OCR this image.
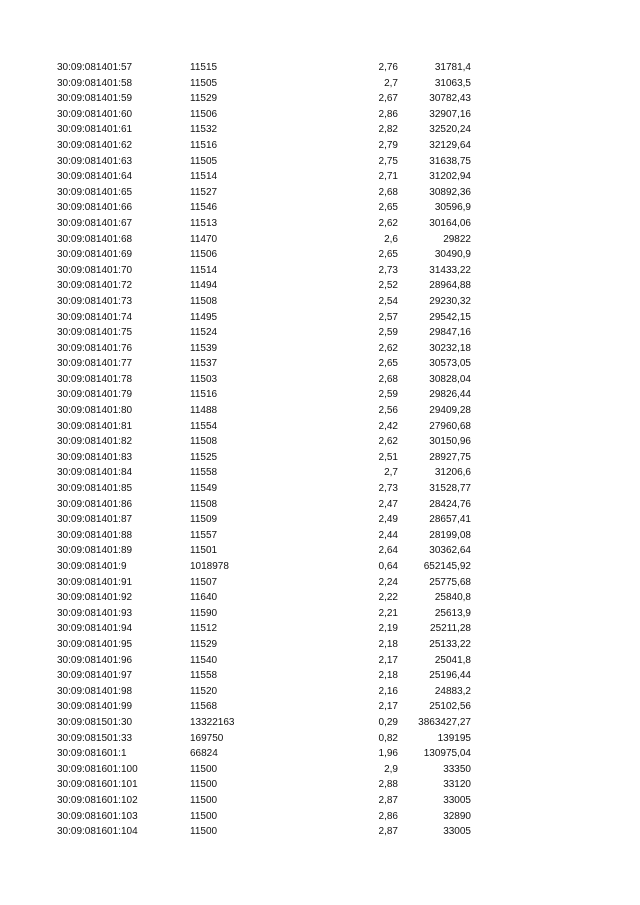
30:09:081401:57	11515	2,76	31781,4
30:09:081401:58	11505	2,7	31063,5
30:09:081401:59	11529	2,67	30782,43
30:09:081401:60	11506	2,86	32907,16
30:09:081401:61	11532	2,82	32520,24
30:09:081401:62	11516	2,79	32129,64
30:09:081401:63	11505	2,75	31638,75
30:09:081401:64	11514	2,71	31202,94
30:09:081401:65	11527	2,68	30892,36
30:09:081401:66	11546	2,65	30596,9
30:09:081401:67	11513	2,62	30164,06
30:09:081401:68	11470	2,6	29822
30:09:081401:69	11506	2,65	30490,9
30:09:081401:70	11514	2,73	31433,22
30:09:081401:72	11494	2,52	28964,88
30:09:081401:73	11508	2,54	29230,32
30:09:081401:74	11495	2,57	29542,15
30:09:081401:75	11524	2,59	29847,16
30:09:081401:76	11539	2,62	30232,18
30:09:081401:77	11537	2,65	30573,05
30:09:081401:78	11503	2,68	30828,04
30:09:081401:79	11516	2,59	29826,44
30:09:081401:80	11488	2,56	29409,28
30:09:081401:81	11554	2,42	27960,68
30:09:081401:82	11508	2,62	30150,96
30:09:081401:83	11525	2,51	28927,75
30:09:081401:84	11558	2,7	31206,6
30:09:081401:85	11549	2,73	31528,77
30:09:081401:86	11508	2,47	28424,76
30:09:081401:87	11509	2,49	28657,41
30:09:081401:88	11557	2,44	28199,08
30:09:081401:89	11501	2,64	30362,64
30:09:081401:9	1018978	0,64	652145,92
30:09:081401:91	11507	2,24	25775,68
30:09:081401:92	11640	2,22	25840,8
30:09:081401:93	11590	2,21	25613,9
30:09:081401:94	11512	2,19	25211,28
30:09:081401:95	11529	2,18	25133,22
30:09:081401:96	11540	2,17	25041,8
30:09:081401:97	11558	2,18	25196,44
30:09:081401:98	11520	2,16	24883,2
30:09:081401:99	11568	2,17	25102,56
30:09:081501:30	13322163	0,29	3863427,27
30:09:081501:33	169750	0,82	139195
30:09:081601:1	66824	1,96	130975,04
30:09:081601:100	11500	2,9	33350
30:09:081601:101	11500	2,88	33120
30:09:081601:102	11500	2,87	33005
30:09:081601:103	11500	2,86	32890
30:09:081601:104	11500	2,87	33005
